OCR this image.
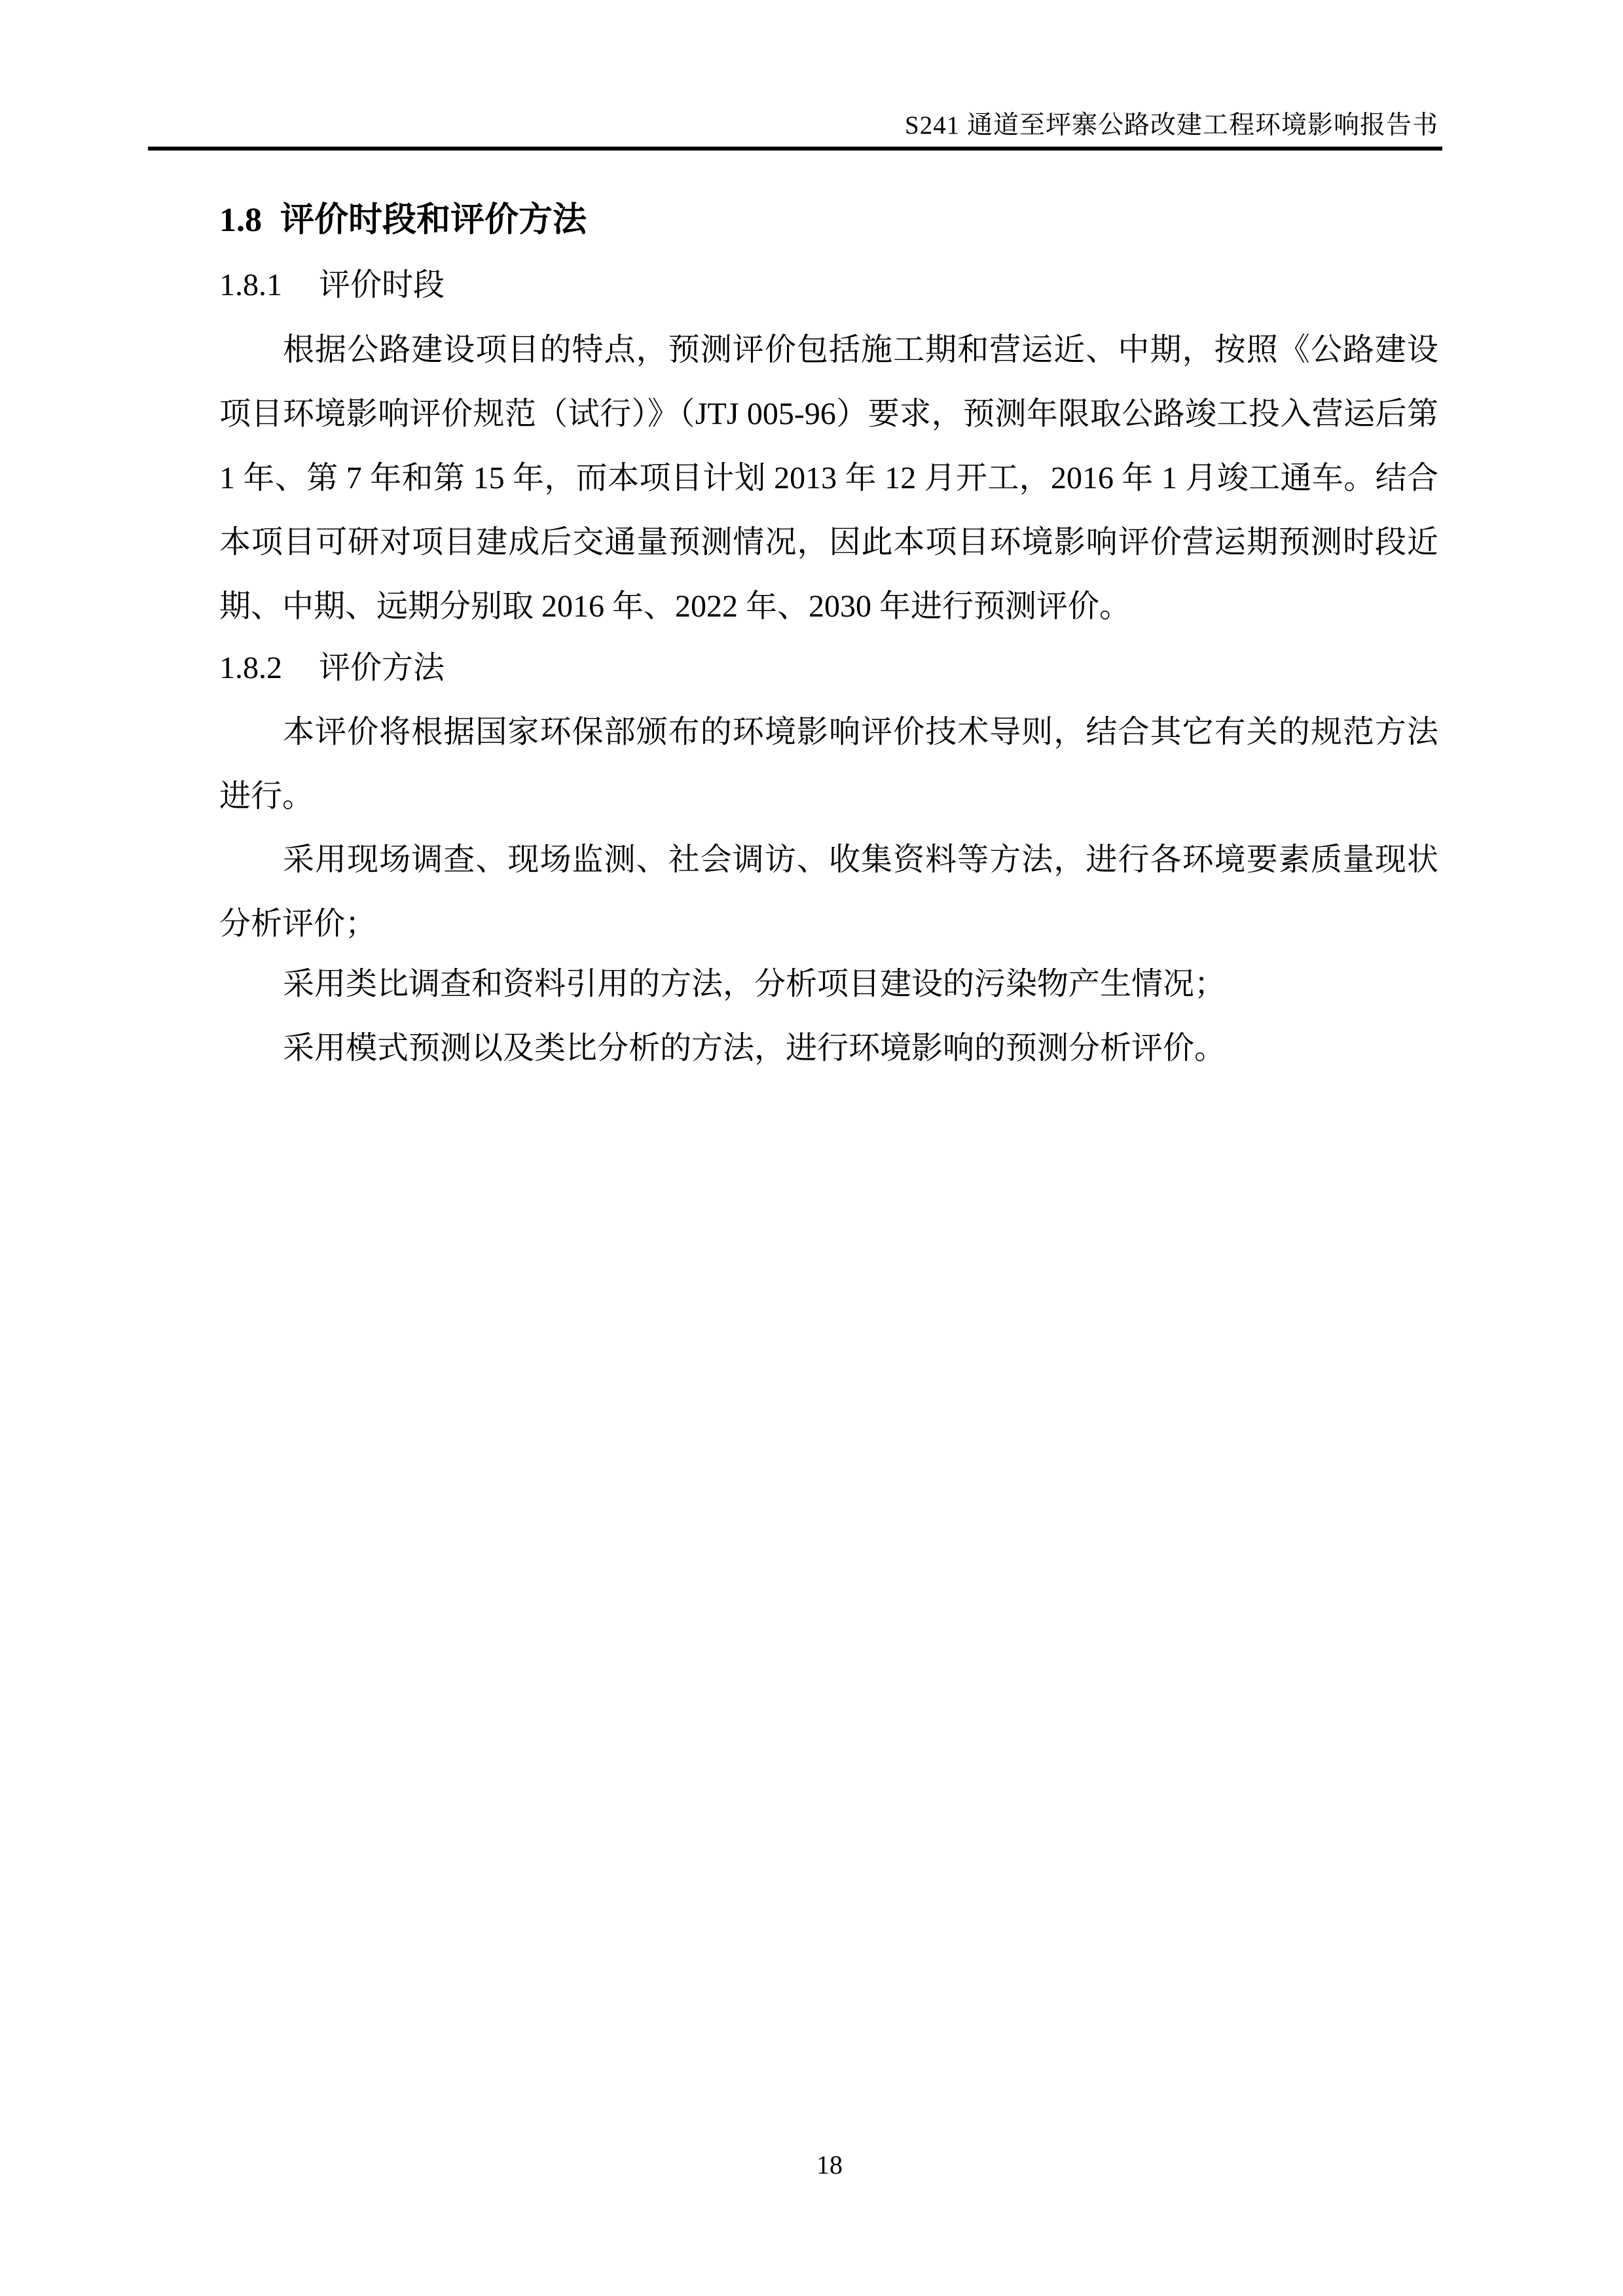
S241 通道至坪寨公路改建工程环境影响报告书
1.8 评价时段和评价方法
1.8.1 评价时段
根据公路建设项目的特点，预测评价包括施工期和营运近、中期，按照《公路建设项目环境影响评价规范（试行）》（JTJ 005-96）要求，预测年限取公路竣工投入营运后第 1 年、第 7 年和第 15 年，而本项目计划 2013 年 12 月开工，2016 年 1 月竣工通车。结合本项目可研对项目建成后交通量预测情况，因此本项目环境影响评价营运期预测时段近期、中期、远期分别取 2016 年、2022 年、2030 年进行预测评价。
1.8.2 评价方法
本评价将根据国家环保部颁布的环境影响评价技术导则，结合其它有关的规范方法进行。
采用现场调查、现场监测、社会调访、收集资料等方法，进行各环境要素质量现状分析评价；
采用类比调查和资料引用的方法，分析项目建设的污染物产生情况；
采用模式预测以及类比分析的方法，进行环境影响的预测分析评价。
18
